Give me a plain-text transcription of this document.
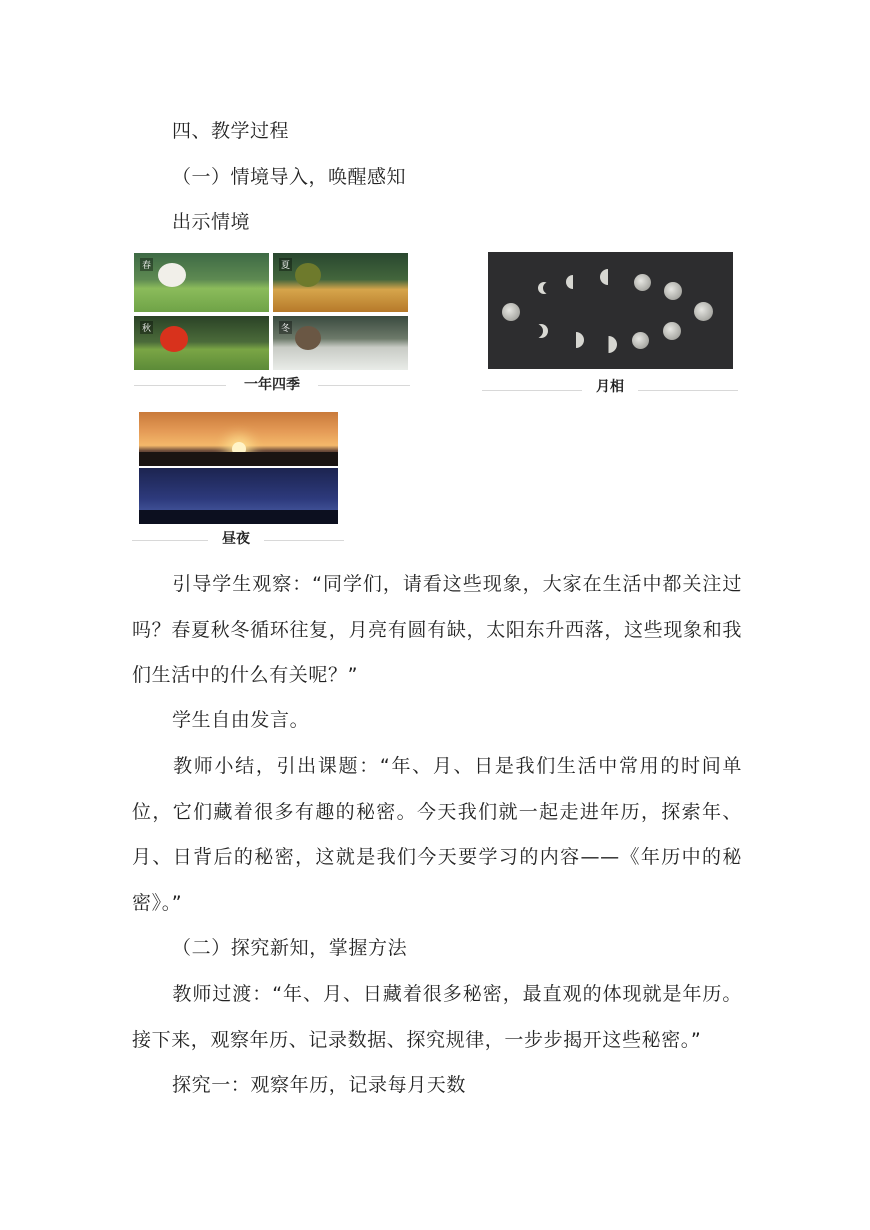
四、教学过程
（一）情境导入，唤醒感知
出示情境
春	夏
秋	冬
一年四季	月相
昼夜
引导学生观察：“同学们，请看这些现象，大家在生活中都关注过吗？春夏秋冬循环往复，月亮有圆有缺，太阳东升西落，这些现象和我们生活中的什么有关呢？”
学生自由发言。
教师小结，引出课题：“年、月、日是我们生活中常用的时间单位，它们藏着很多有趣的秘密。今天我们就一起走进年历，探索年、月、日背后的秘密，这就是我们今天要学习的内容——《年历中的秘密》。”
（二）探究新知，掌握方法
教师过渡：“年、月、日藏着很多秘密，最直观的体现就是年历。接下来，观察年历、记录数据、探究规律，一步步揭开这些秘密。”
探究一：观察年历，记录每月天数
